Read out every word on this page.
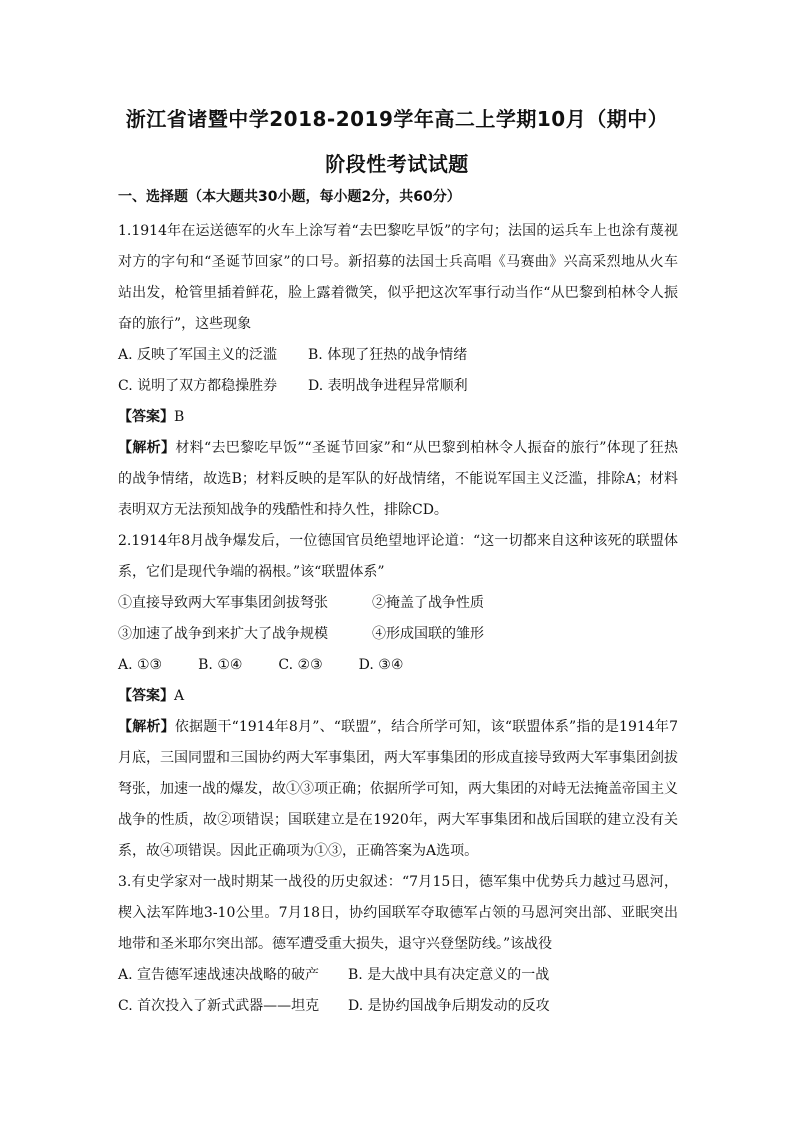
浙江省诸暨中学2018-2019学年高二上学期10月（期中）
阶段性考试试题
一、选择题（本大题共30小题，每小题2分，共60分）

1.1914年在运送德军的火车上涂写着“去巴黎吃早饭”的字句；法国的运兵车上也涂有蔑视对方的字句和“圣诞节回家”的口号。新招募的法国士兵高唱《马赛曲》兴高采烈地从火车站出发，枪管里插着鲜花，脸上露着微笑，似乎把这次军事行动当作“从巴黎到柏林令人振奋的旅行”，这些现象

A. 反映了军国主义的泛滥	B. 体现了狂热的战争情绪
C. 说明了双方都稳操胜券	D. 表明战争进程异常顺利
【答案】B

【解析】材料“去巴黎吃早饭”“圣诞节回家”和“从巴黎到柏林令人振奋的旅行”体现了狂热的战争情绪，故选B；材料反映的是军队的好战情绪，不能说军国主义泛滥，排除A；材料表明双方无法预知战争的残酷性和持久性，排除CD。

2.1914年8月战争爆发后，一位德国官员绝望地评论道：“这一切都来自这种该死的联盟体系，它们是现代争端的祸根。”该“联盟体系”

①直接导致两大军事集团剑拔弩张	②掩盖了战争性质
③加速了战争到来扩大了战争规模	④形成国联的雏形
A. ①③	B. ①④	C. ②③	D. ③④
【答案】A

【解析】依据题干“1914年8月”、“联盟”，结合所学可知，该“联盟体系”指的是1914年7月底，三国同盟和三国协约两大军事集团，两大军事集团的形成直接导致两大军事集团剑拔弩张，加速一战的爆发，故①③项正确；依据所学可知，两大集团的对峙无法掩盖帝国主义战争的性质，故②项错误；国联建立是在1920年，两大军事集团和战后国联的建立没有关系，故④项错误。因此正确项为①③，正确答案为A选项。

3.有史学家对一战时期某一战役的历史叙述：“7月15日，德军集中优势兵力越过马恩河，楔入法军阵地3-10公里。7月18日，协约国联军夺取德军占领的马恩河突出部、亚眠突出地带和圣米耶尔突出部。德军遭受重大损失，退守兴登堡防线。”该战役

A. 宣告德军速战速决战略的破产	B. 是大战中具有决定意义的一战
C. 首次投入了新式武器——坦克	D. 是协约国战争后期发动的反攻
